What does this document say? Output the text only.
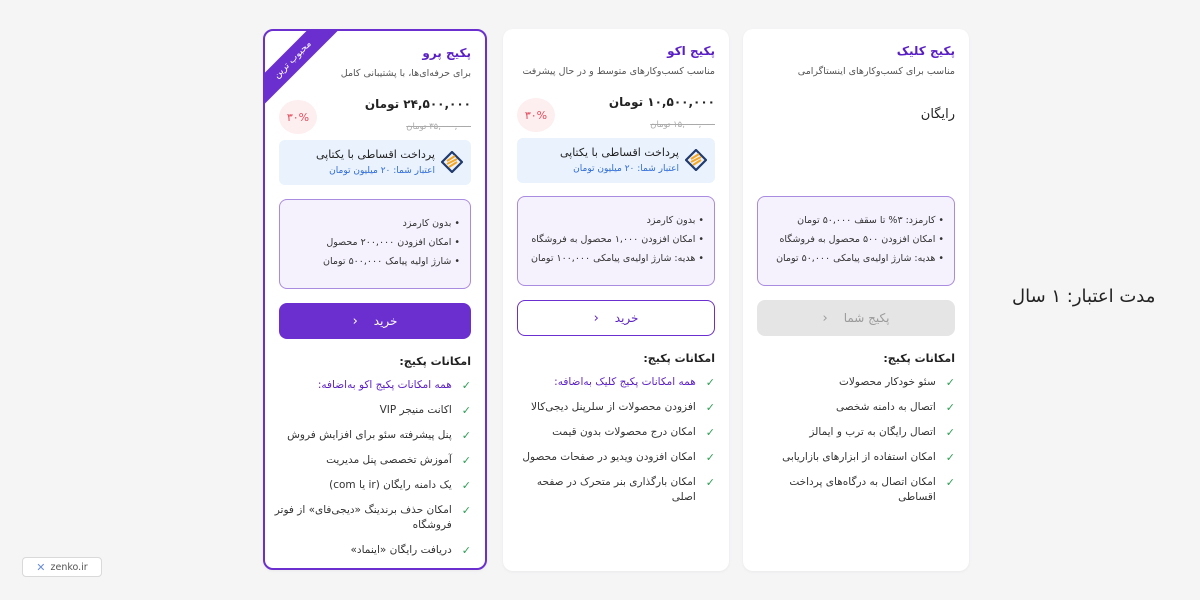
پکیج کلیک
مناسب برای کسب‌وکارهای اینستاگرامی
رایگان
• کارمزد: ۳% تا سقف ۵۰,۰۰۰ تومان
• امکان افزودن ۵۰۰ محصول به فروشگاه
• هدیه: شارژ اولیه‌ی پیامکی ۵۰,۰۰۰ تومان
پکیج شما
‹
امکانات پکیج:
✓
سئو خودکار محصولات
✓
اتصال به دامنه شخصی
✓
اتصال رایگان به ترب و ایمالز
✓
امکان استفاده از ابزارهای بازاریابی
✓
امکان اتصال به درگاه‌های پرداخت اقساطی
پکیج اکو
مناسب کسب‌وکارهای متوسط و در حال پیشرفت
۱۰,۵۰۰,۰۰۰ تومان
۱۵,۰۰۰,۰۰۰ تومان
۳۰%
پرداخت اقساطی با یکتاپی
اعتبار شما: ۲۰ میلیون تومان
• بدون کارمزد
• امکان افزودن ۱,۰۰۰ محصول به فروشگاه
• هدیه: شارژ اولیه‌ی پیامکی ۱۰۰,۰۰۰ تومان
خرید
‹
امکانات پکیج:
✓
همه امکانات پکیج کلیک به‌اضافه:
✓
افزودن محصولات از سلرپنل دیجی‌کالا
✓
امکان درج محصولات بدون قیمت
✓
امکان افزودن ویدیو در صفحات محصول
✓
امکان بارگذاری بنر متحرک در صفحه اصلی
محبوب ترین	پکیج پرو
برای حرفه‌ای‌ها، با پشتیبانی کامل
۲۴,۵۰۰,۰۰۰ تومان
۳۵,۰۰۰,۰۰۰ تومان
۳۰%
پرداخت اقساطی با یکتاپی
اعتبار شما: ۲۰ میلیون تومان
• بدون کارمزد
• امکان افزودن ۲۰۰,۰۰۰ محصول
• شارژ اولیه پیامک ۵۰۰,۰۰۰ تومان
خرید
‹
امکانات پکیج:
✓
همه امکانات پکیج اکو به‌اضافه:
✓
اکانت منیجر VIP
✓
پنل پیشرفته سئو برای افزایش فروش
✓
آموزش تخصصی پنل مدیریت
✓
یک دامنه رایگان (ir یا com)
✓
امکان حذف برندینگ «دیجی‌فای» از فوتر فروشگاه
✓
دریافت رایگان «اینماد»
مدت اعتبار: ۱ سال
✕ zenko.ir
